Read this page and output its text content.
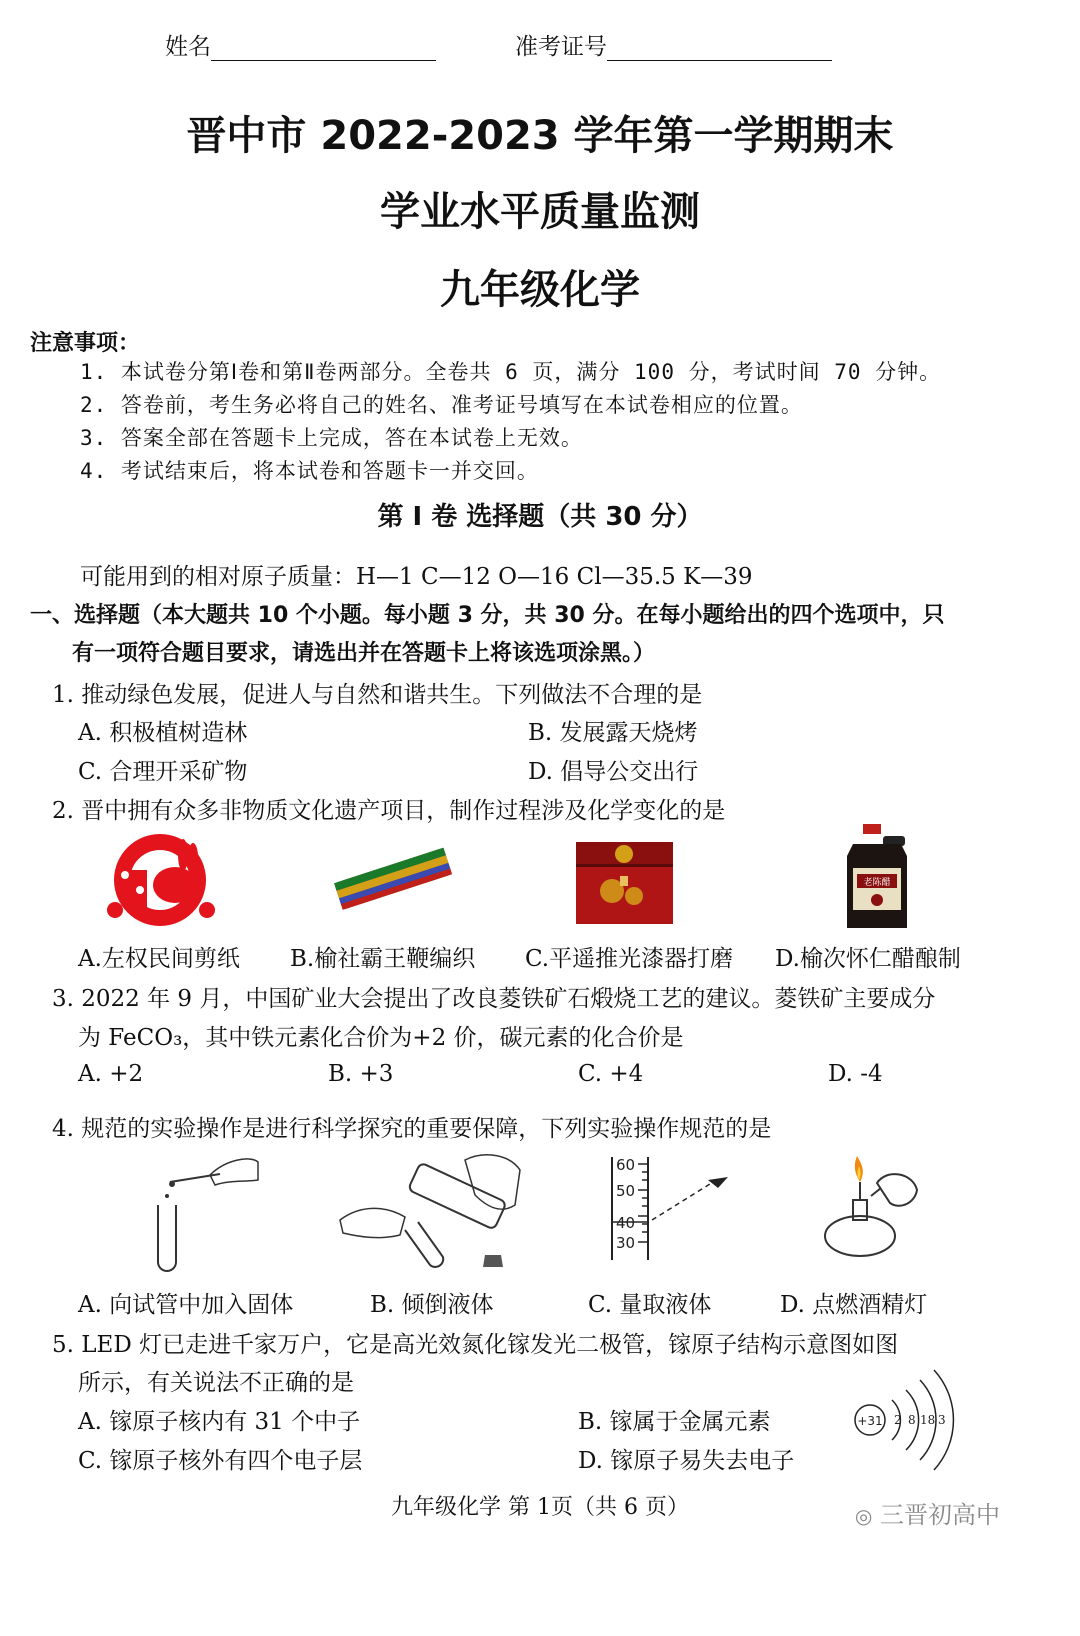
姓名	准考证号
晋中市 2022-2023 学年第一学期期末
学业水平质量监测
九年级化学
注意事项：
1. 本试卷分第Ⅰ卷和第Ⅱ卷两部分。全卷共 6 页，满分 100 分，考试时间 70 分钟。
2. 答卷前，考生务必将自己的姓名、准考证号填写在本试卷相应的位置。
3. 答案全部在答题卡上完成，答在本试卷上无效。
4. 考试结束后，将本试卷和答题卡一并交回。
第 I 卷 选择题（共 30 分）
可能用到的相对原子质量：H—1 C—12 O—16 Cl—35.5 K—39
一、选择题（本大题共 10 个小题。每小题 3 分，共 30 分。在每小题给出的四个选项中，只
有一项符合题目要求，请选出并在答题卡上将该选项涂黑。）
1. 推动绿色发展，促进人与自然和谐共生。下列做法不合理的是
A. 积极植树造林	B. 发展露天烧烤
C. 合理开采矿物	D. 倡导公交出行
2. 晋中拥有众多非物质文化遗产项目，制作过程涉及化学变化的是
老陈醋
A.左权民间剪纸 B.榆社霸王鞭编织 C.平遥推光漆器打磨 D.榆次怀仁醋酿制
3. 2022 年 9 月，中国矿业大会提出了改良菱铁矿石煅烧工艺的建议。菱铁矿主要成分
为 FeCO₃，其中铁元素化合价为+2 价，碳元素的化合价是
A. +2	B. +3	C. +4	D. -4
4. 规范的实验操作是进行科学探究的重要保障，下列实验操作规范的是
60
50
40
30
A. 向试管中加入固体	B. 倾倒液体	C. 量取液体	D. 点燃酒精灯
5. LED 灯已走进千家万户，它是高光效氮化镓发光二极管，镓原子结构示意图如图
所示，有关说法不正确的是
A. 镓原子核内有 31 个中子	B. 镓属于金属元素
C. 镓原子核外有四个电子层	D. 镓原子易失去电子
+31 2 8 18 3
九年级化学 第 1页（共 6 页）	◎ 三晋初高中
